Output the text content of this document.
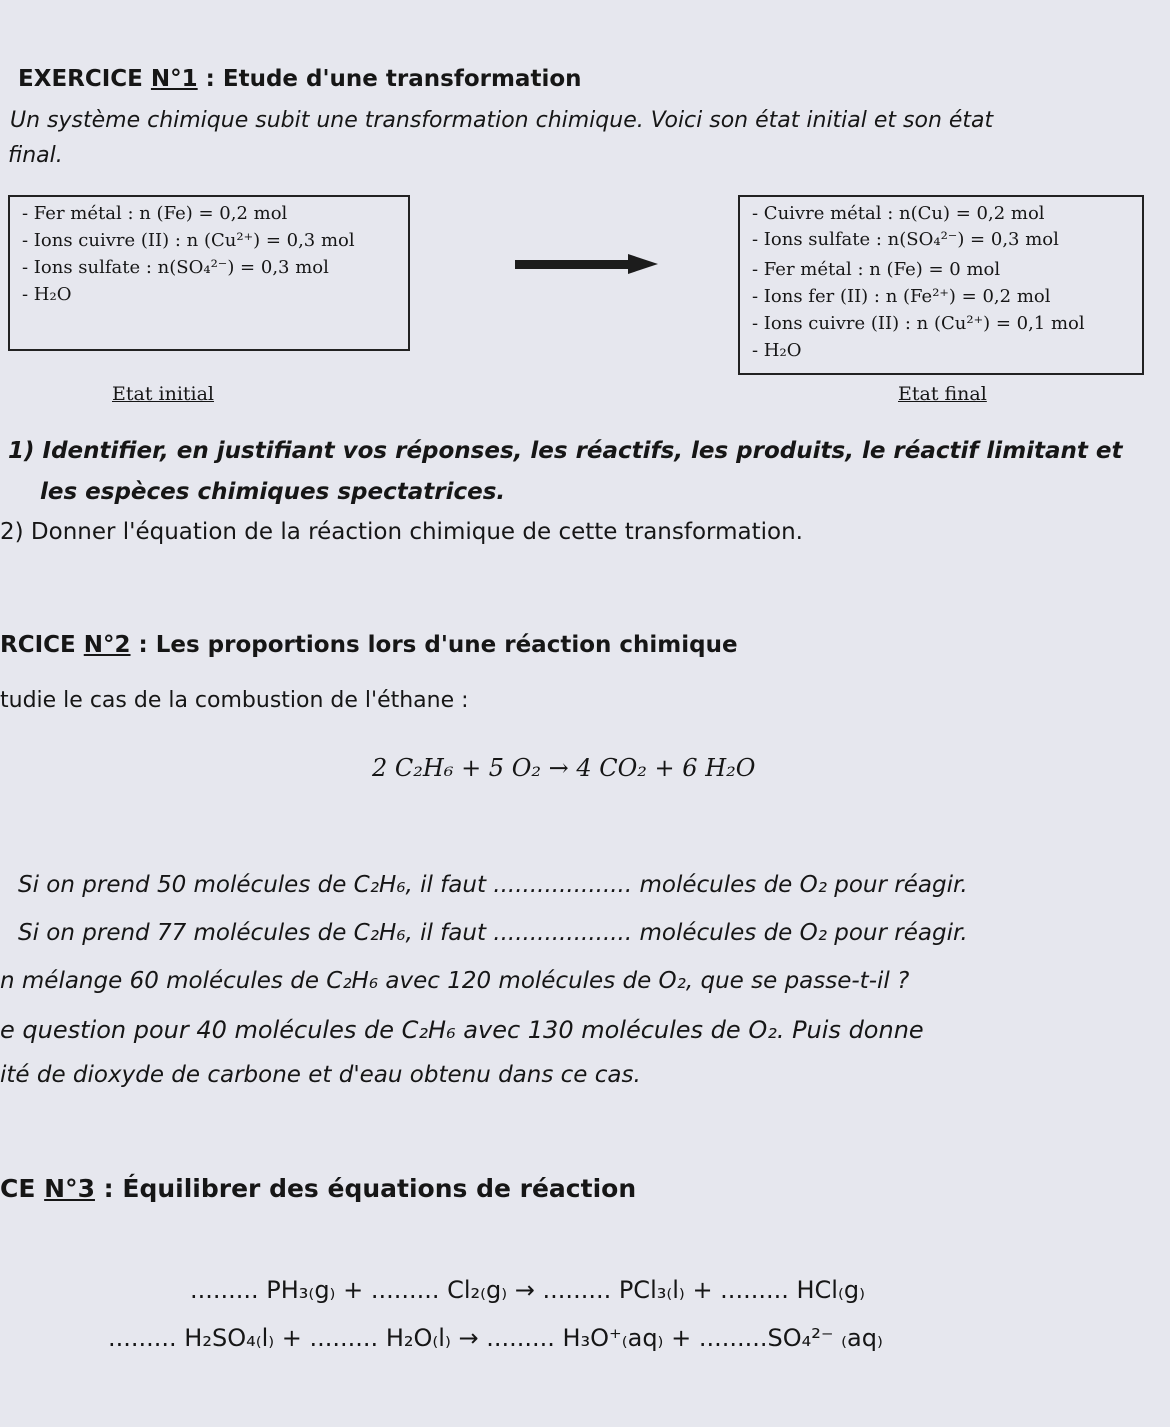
EXERCICE N°1 : Etude d'une transformation
Un système chimique subit une transformation chimique. Voici son état initial et son état
final.
- Fer métal : n (Fe) = 0,2 mol
- Ions cuivre (II) : n (Cu²⁺) = 0,3 mol
- Ions sulfate : n(SO₄²⁻) = 0,3 mol
- H₂O
- Cuivre métal : n(Cu) = 0,2 mol
- Ions sulfate : n(SO₄²⁻) = 0,3 mol
- Fer métal : n (Fe) = 0 mol
- Ions fer (II) : n (Fe²⁺) = 0,2 mol
- Ions cuivre (II) : n (Cu²⁺) = 0,1 mol
- H₂O
Etat initial	Etat final
1) Identifier, en justifiant vos réponses, les réactifs, les produits, le réactif limitant et
les espèces chimiques spectatrices.
2) Donner l'équation de la réaction chimique de cette transformation.
RCICE N°2 : Les proportions lors d'une réaction chimique
tudie le cas de la combustion de l'éthane :
2 C₂H₆ + 5 O₂ → 4 CO₂ + 6 H₂O
Si on prend 50 molécules de C₂H₆, il faut ................... molécules de O₂ pour réagir.
Si on prend 77 molécules de C₂H₆, il faut ................... molécules de O₂ pour réagir.
n mélange 60 molécules de C₂H₆ avec 120 molécules de O₂, que se passe-t-il ?
e question pour 40 molécules de C₂H₆ avec 130 molécules de O₂. Puis donne
ité de dioxyde de carbone et d'eau obtenu dans ce cas.
CE N°3 : Équilibrer des équations de réaction
......... PH₃₍g₎ + ......... Cl₂₍g₎ → ......... PCl₃₍l₎ + ......... HCl₍g₎
......... H₂SO₄₍l₎ + ......... H₂O₍l₎ → ......... H₃O⁺₍aq₎ + .........SO₄²⁻ ₍aq₎
